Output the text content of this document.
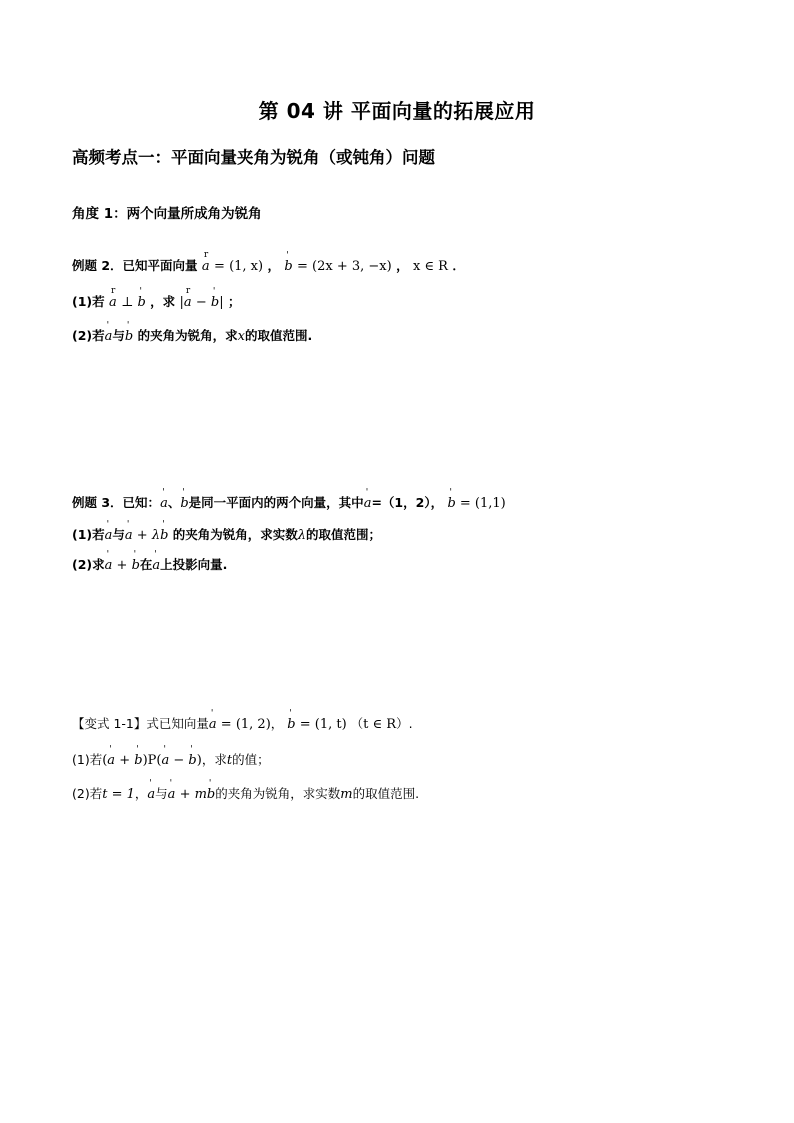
第 04 讲 平面向量的拓展应用
高频考点一：平面向量夹角为锐角（或钝角）问题
角度 1：两个向量所成角为锐角
例题 2．已知平面向量 r a = (1, x) ， ' b = (2x + 3, −x) ， x ∈ R ．
(1)若 r a ⊥ ' b ，求 |r a − ' b| ；
(2)若' a与' b 的夹角为锐角，求x的取值范围.
例题 3．已知：' a、' b是同一平面内的两个向量，其中' a=（1，2）， ' b = (1,1)
(1)若' a与' a + λ' b 的夹角为锐角，求实数λ的取值范围；
(2)求' a + ' b在' a上投影向量.
【变式 1-1】式已知向量' a = (1, 2)， ' b = (1, t) （t ∈ R）.
(1)若(' a + ' b)P(' a − ' b)，求t的值；
(2)若t = 1，' a与' a + m' b的夹角为锐角，求实数m的取值范围.
